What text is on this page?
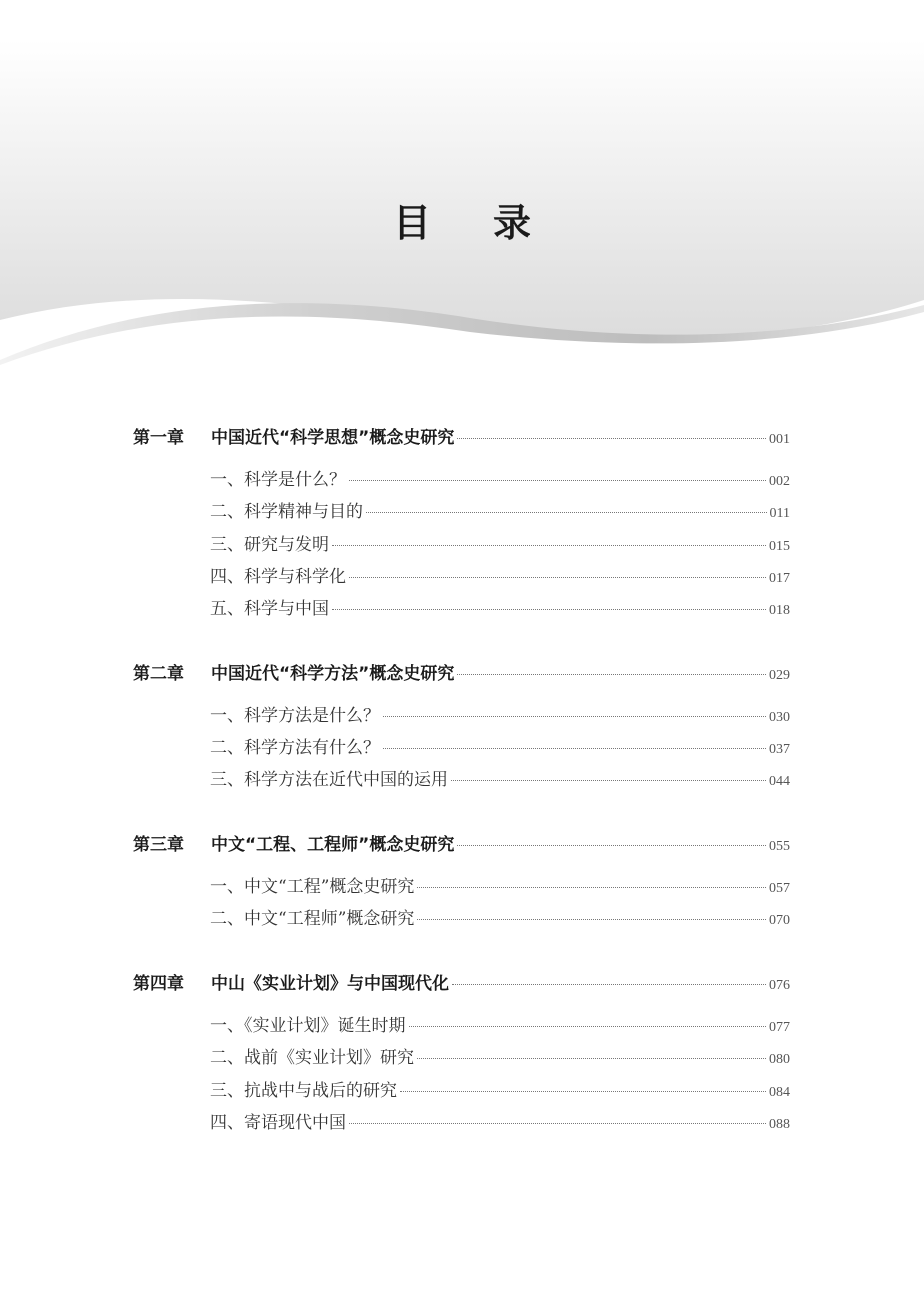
目 录
第一章	中国近代“科学思想”概念史研究	001
一、科学是什么？	002
二、科学精神与目的	011
三、研究与发明	015
四、科学与科学化	017
五、科学与中国	018
第二章	中国近代“科学方法”概念史研究	029
一、科学方法是什么？	030
二、科学方法有什么？	037
三、科学方法在近代中国的运用	044
第三章	中文“工程、工程师”概念史研究	055
一、中文“工程”概念史研究	057
二、中文“工程师”概念研究	070
第四章	中山《实业计划》与中国现代化	076
一、《实业计划》诞生时期	077
二、战前《实业计划》研究	080
三、抗战中与战后的研究	084
四、寄语现代中国	088
